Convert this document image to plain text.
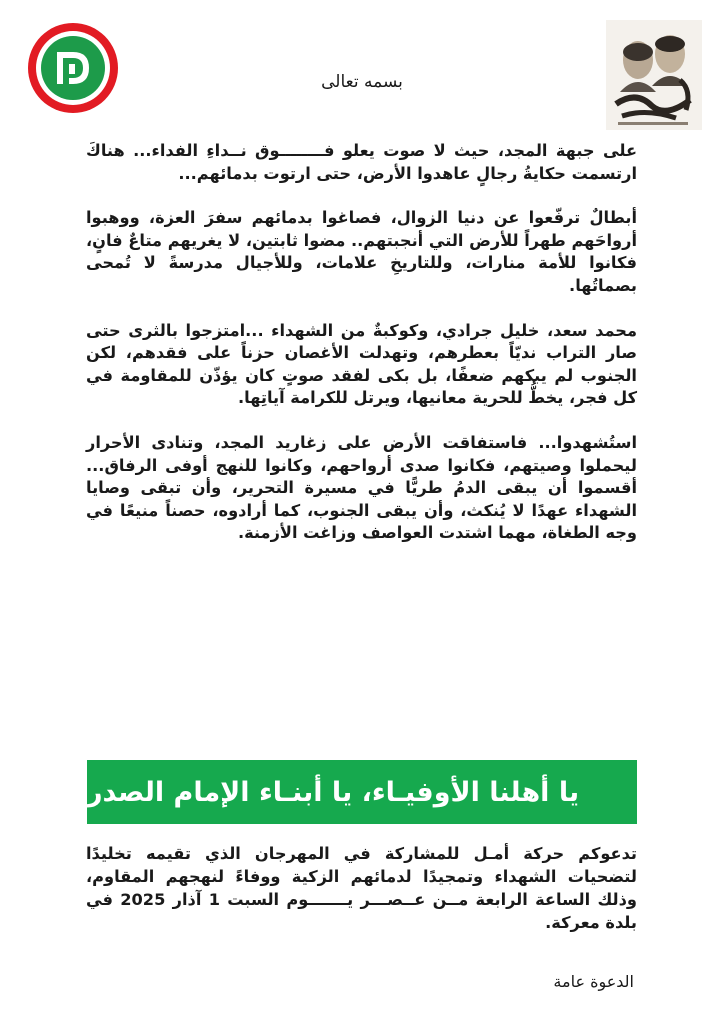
بسمه تعالى

على جبهة المجد، حيث لا صوت يعلو فــــــــوق نــداءِ الفداء... هناكَ ارتسمت حكايةُ رجالٍ عاهدوا الأرض، حتى ارتوت بدمائهم...

أبطالٌ ترفّعوا عن دنيا الزوال، فصاغوا بدمائهم سفرَ العزة، ووهبوا أرواحَهم طهراً للأرض التي أنجبتهم.. مضوا ثابتين، لا يغريهم متاعٌ فانٍ، فكانوا للأمة منارات، وللتاريخِ علامات، وللأجيال مدرسةً لا تُمحى بصماتُها.

محمد سعد، خليل جرادي، وكوكبةٌ من الشهداء ...امتزجوا بالثرى حتى صار التراب نديّاً بعطرهم، وتهدلت الأغصان حزناً على فقدهم، لكن الجنوب لم يبكهم ضعفًا، بل بكى لفقد صوتٍ كان يؤذّن للمقاومة في كل فجر، يخطُّ للحرية معانيها، ويرتل للكرامة آياتِها.

استُشهدوا... فاستفاقت الأرض على زغاريد المجد، وتنادى الأحرار ليحملوا وصيتهم، فكانوا صدى أرواحهم، وكانوا للنهج أوفى الرفاق... أقسموا أن يبقى الدمُ طريًّا في مسيرة التحرير، وأن تبقى وصايا الشهداء عهدًا لا يُنكث، وأن يبقى الجنوب، كما أرادوه، حصناً منيعًا في وجه الطغاة، مهما اشتدت العواصف وزاغت الأزمنة.

يا أهلنا الأوفيـاء، يا أبنـاء الإمام الصدر
تدعوكم حركة أمـل للمشاركة في المهرجان الذي تقيمه تخليدًا لتضحيات الشهداء وتمجيدًا لدمائهم الزكية ووفاءً لنهجهم المقاوم، وذلك الساعة الرابعة مــن عــصـــر يـــــــوم السبت 1 آذار 2025 في بلدة معركة.
الدعوة عامة
